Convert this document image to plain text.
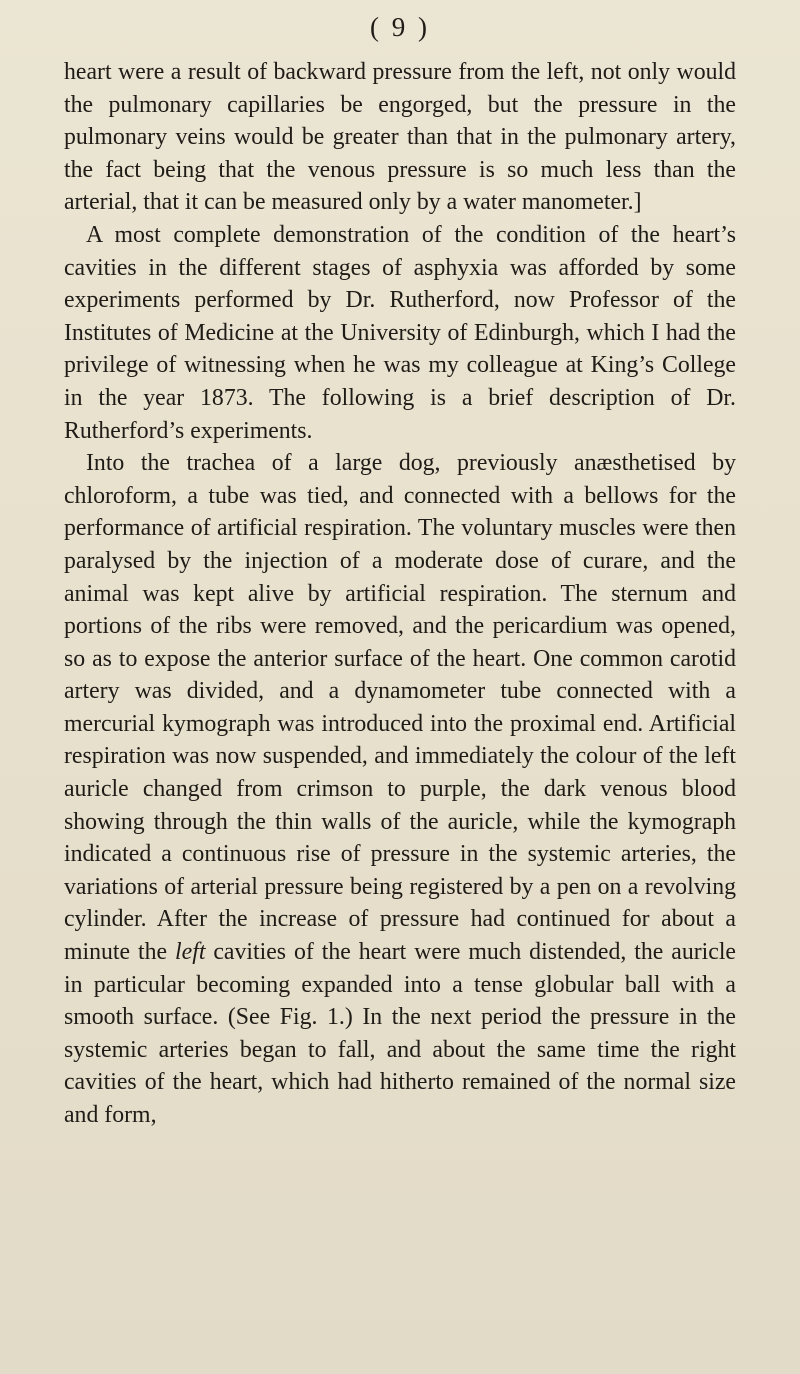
( 9 )

heart were a result of backward pressure from the left, not only would the pulmonary capillaries be engorged, but the pressure in the pulmonary veins would be greater than that in the pulmonary artery, the fact being that the venous pressure is so much less than the arterial, that it can be measured only by a water manometer.]

A most complete demonstration of the condition of the heart’s cavities in the different stages of asphyxia was afforded by some experiments performed by Dr. Rutherford, now Professor of the Institutes of Medicine at the University of Edinburgh, which I had the privilege of witnessing when he was my colleague at King’s College in the year 1873. The following is a brief description of Dr. Rutherford’s experiments.

Into the trachea of a large dog, previously anæsthetised by chloroform, a tube was tied, and connected with a bellows for the performance of artificial respiration. The voluntary muscles were then paralysed by the injection of a moderate dose of curare, and the animal was kept alive by artificial respiration. The sternum and portions of the ribs were removed, and the pericardium was opened, so as to expose the anterior surface of the heart. One common carotid artery was divided, and a dynamometer tube connected with a mercurial kymograph was introduced into the proximal end. Artificial respiration was now suspended, and immediately the colour of the left auricle changed from crimson to purple, the dark venous blood showing through the thin walls of the auricle, while the kymograph indicated a continuous rise of pressure in the systemic arteries, the variations of arterial pressure being registered by a pen on a revolving cylinder. After the increase of pressure had continued for about a minute the left cavities of the heart were much distended, the auricle in particular becoming expanded into a tense globular ball with a smooth surface. (See Fig. 1.) In the next period the pressure in the systemic arteries began to fall, and about the same time the right cavities of the heart, which had hitherto remained of the normal size and form,
